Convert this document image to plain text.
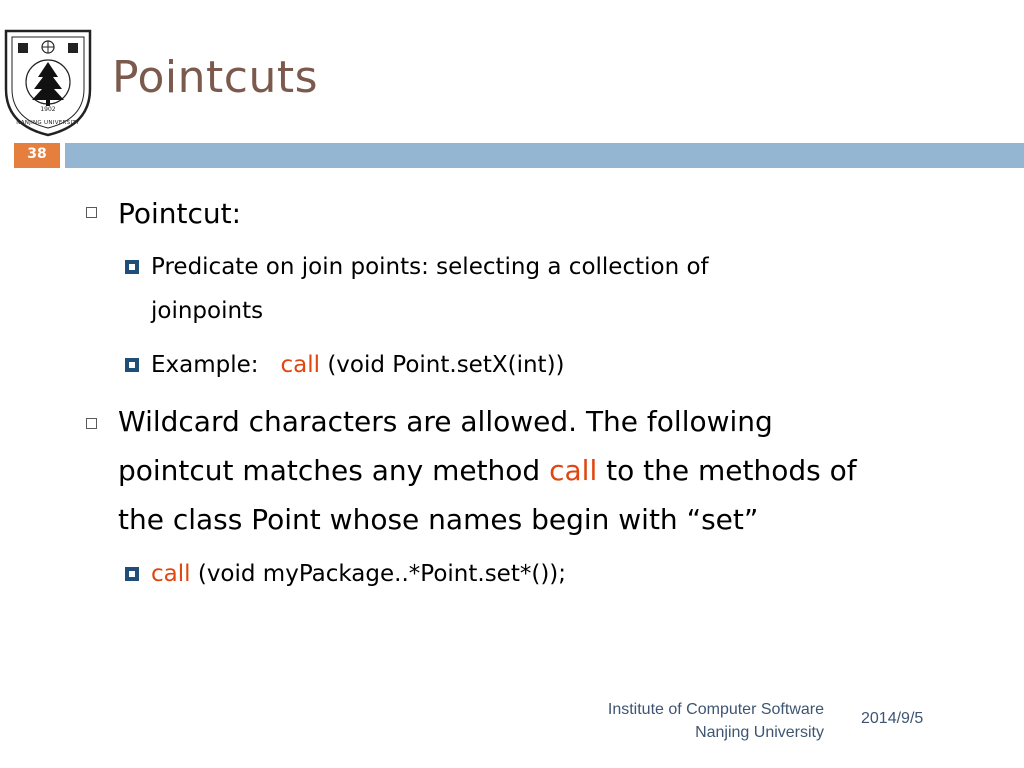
1902
NANJING UNIVERSITY
Pointcuts
38
Pointcut:
Predicate on join points: selecting a collection of
joinpoints
Example: call (void Point.setX(int))
Wildcard characters are allowed. The following
pointcut matches any method call to the methods of
the class Point whose names begin with “set”
call (void myPackage..*Point.set*());
Institute of Computer Software
Nanjing University
2014/9/5
